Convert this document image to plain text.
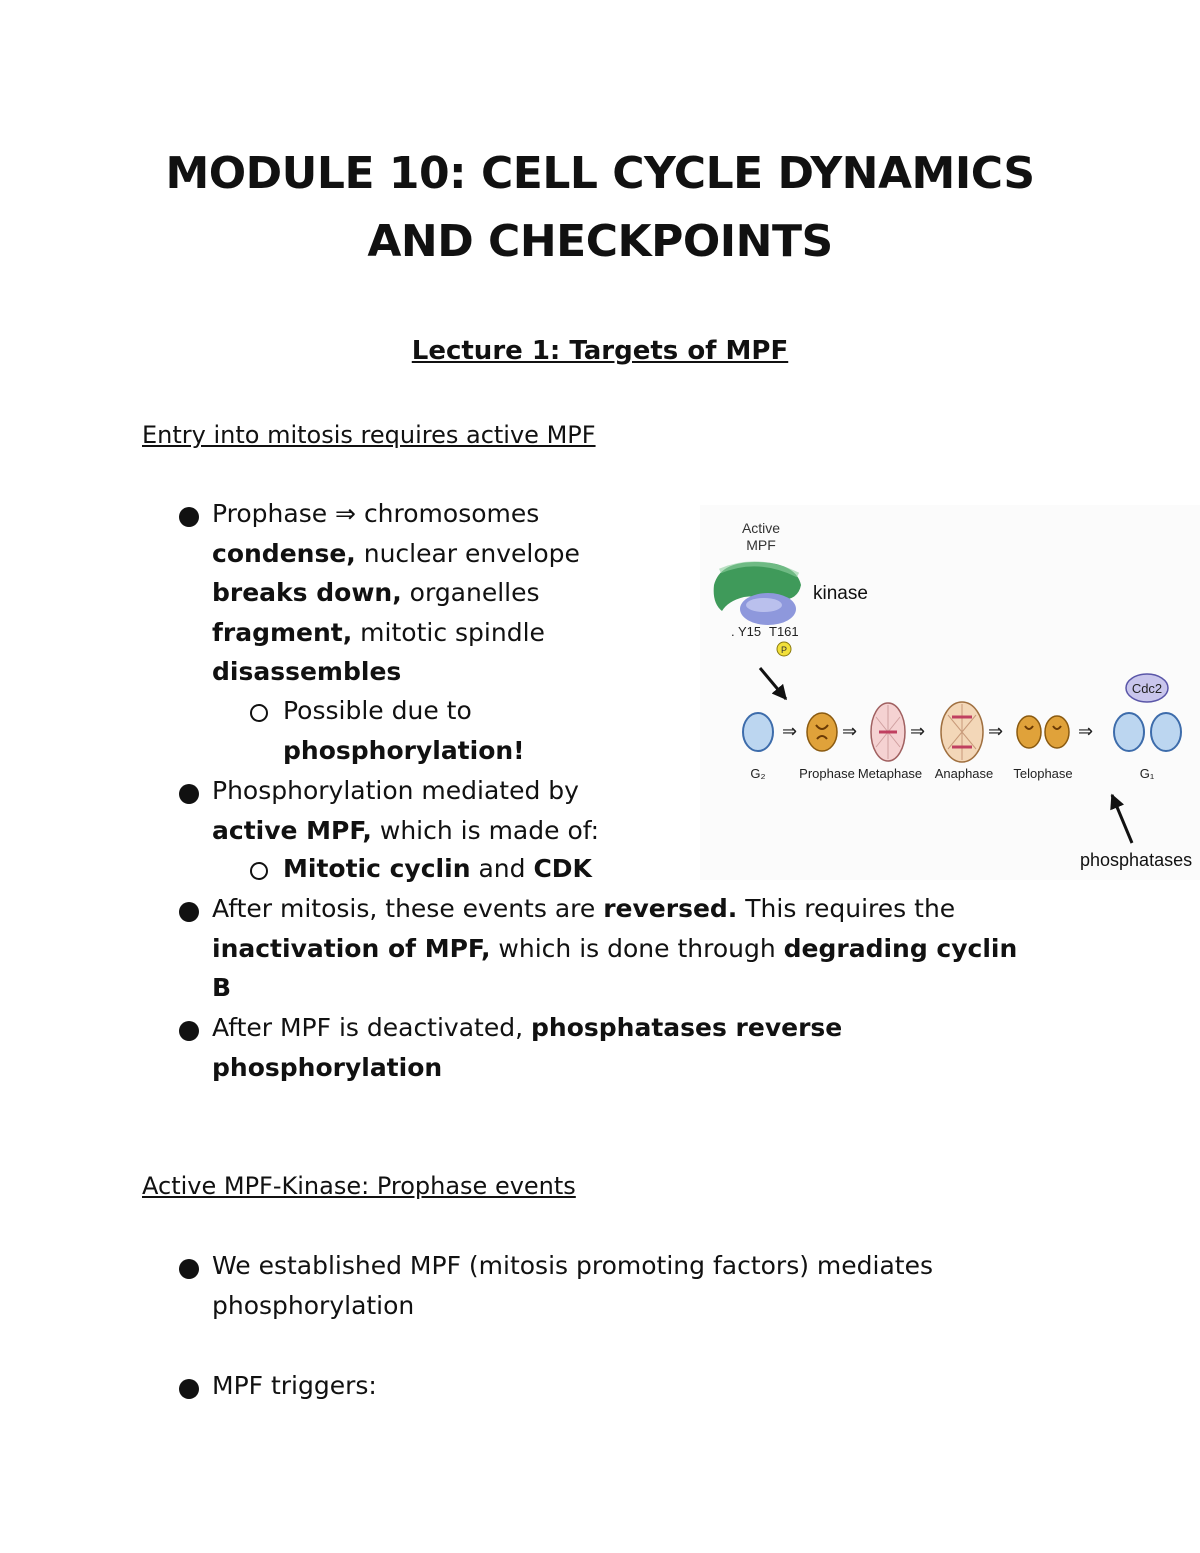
MODULE 10: CELL CYCLE DYNAMICS
AND CHECKPOINTS
Lecture 1: Targets of MPF
Entry into mitosis requires active MPF
Prophase ⇒ chromosomes
condense, nuclear envelope
breaks down, organelles
fragment, mitotic spindle
disassembles
Possible due to
phosphorylation!
Phosphorylation mediated by
active MPF, which is made of:
Mitotic cyclin and CDK
After mitosis, these events are reversed. This requires the
inactivation of MPF, which is done through degrading cyclin
B
After MPF is deactivated, phosphatases reverse
phosphorylation
Active MPF-Kinase: Prophase events
We established MPF (mitosis promoting factors) mediates
phosphorylation
MPF triggers:
Active
MPF
kinase
. Y15 T161
P
Cdc2
⇒ ⇒	⇒	⇒	⇒
G₂	Prophase Metaphase Anaphase Telophase	G₁
phosphatases
